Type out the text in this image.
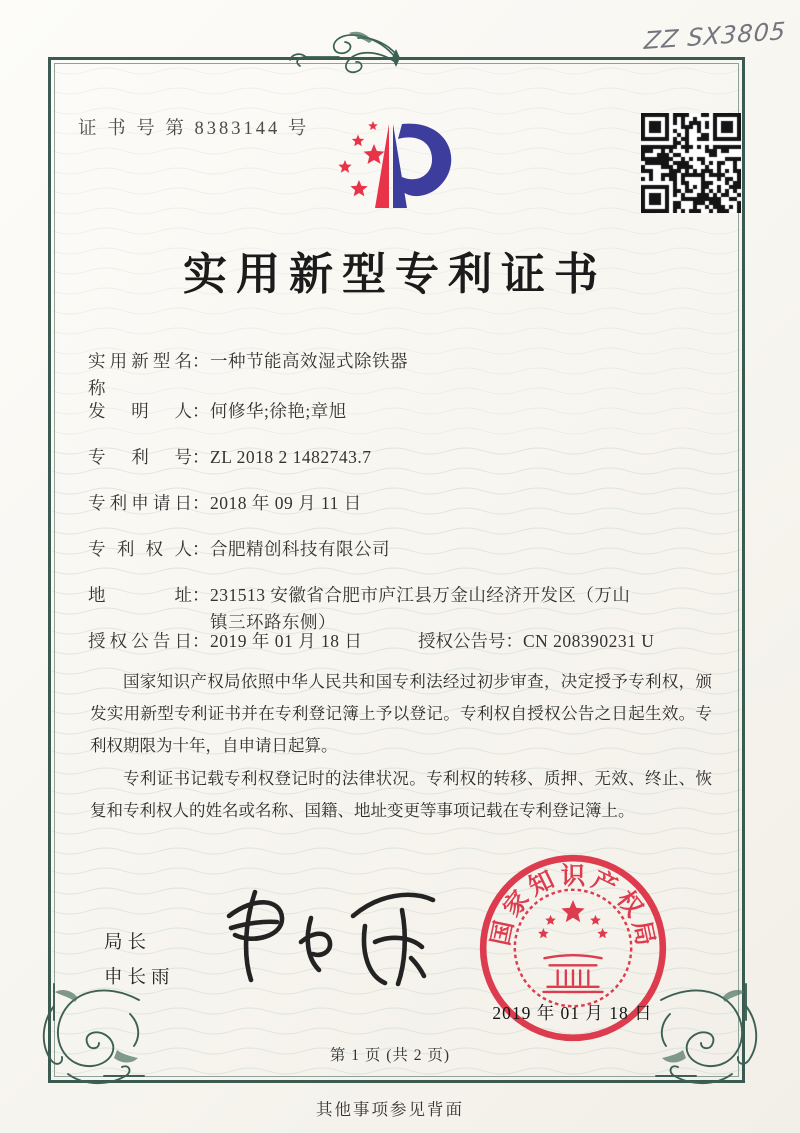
ZZ SX3805
证 书 号 第 8383144 号
实用新型专利证书
实用新型名称
： 一种节能高效湿式除铁器
发明人 ： 何修华;徐艳;章旭
专利号 ： ZL 2018 2 1482743.7
专利申请日 ： 2018 年 09 月 11 日
专利权人 ： 合肥精创科技有限公司
地址 ： 231513 安徽省合肥市庐江县万金山经济开发区（万山镇三环路东侧）
授权公告日 ： 2019 年 01 月 18 日	授权公告号 ： CN 208390231 U

国家知识产权局依照中华人民共和国专利法经过初步审查，决定授予专利权，颁发实用新型专利证书并在专利登记簿上予以登记。专利权自授权公告之日起生效。专利权期限为十年，自申请日起算。

专利证书记载专利权登记时的法律状况。专利权的转移、质押、无效、终止、恢复和专利权人的姓名或名称、国籍、地址变更等事项记载在专利登记簿上。

局长
申长雨
国
家
知 识 产
权
局
2019 年 01 月 18 日
第 1 页 (共 2 页)
其他事项参见背面
